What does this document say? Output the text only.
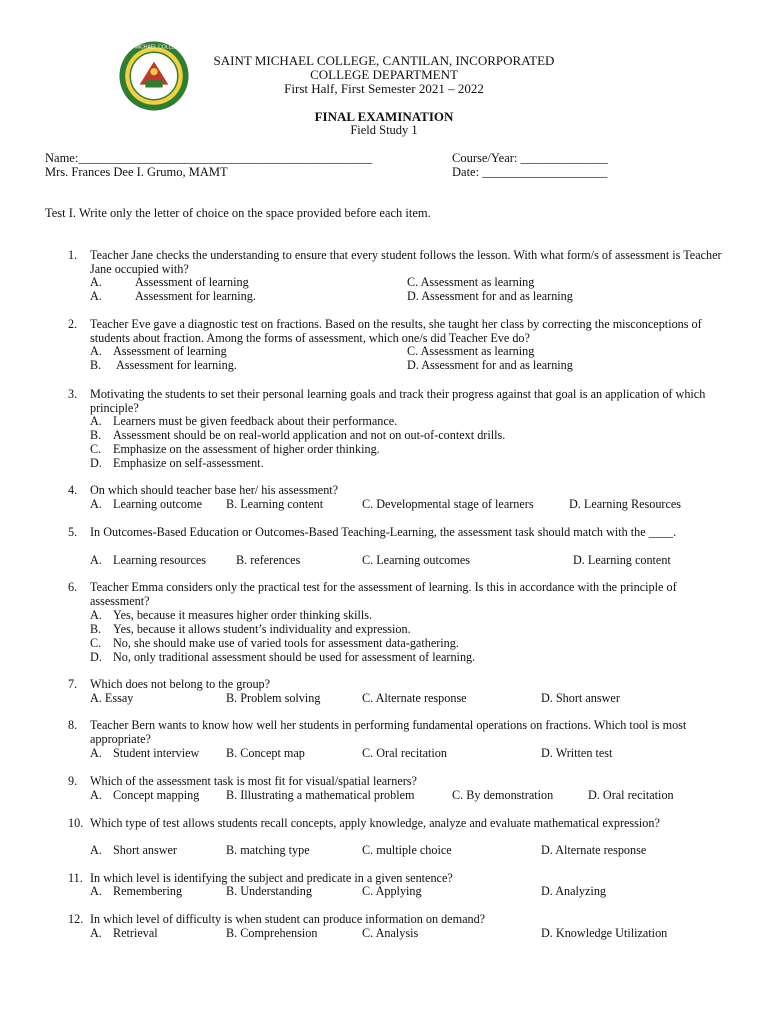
ST. MICHAEL COLLEGE
SAINT MICHAEL COLLEGE, CANTILAN, INCORPORATED
COLLEGE DEPARTMENT
First Half, First Semester 2021 – 2022
FINAL EXAMINATION
Field Study 1
Name:_______________________________________________
Mrs. Frances Dee I. Grumo, MAMT
Course/Year: ______________
Date: ____________________
Test I. Write only the letter of choice on the space provided before each item.
1. Teacher Jane checks the understanding to ensure that every student follows the lesson. With what form/s of assessment is Teacher Jane occupied with?
A.	Assessment of learning	C. Assessment as learning
A.	Assessment for learning.	D. Assessment for and as learning
2. Teacher Eve gave a diagnostic test on fractions. Based on the results, she taught her class by correcting the misconceptions of students about fraction. Among the forms of assessment, which one/s did Teacher Eve do?
A. Assessment of learning	C. Assessment as learning
B. Assessment for learning.	D. Assessment for and as learning
3. Motivating the students to set their personal learning goals and track their progress against that goal is an application of which principle?
A. Learners must be given feedback about their performance.
B. Assessment should be on real-world application and not on out-of-context drills.
C. Emphasize on the assessment of higher order thinking.
D. Emphasize on self-assessment.
4. On which should teacher base her/ his assessment?
A. Learning outcome B. Learning content	C. Developmental stage of learners	D. Learning Resources
5. In Outcomes-Based Education or Outcomes-Based Teaching-Learning, the assessment task should match with the ____.
A. Learning resources B. references	C. Learning outcomes	D. Learning content
6. Teacher Emma considers only the practical test for the assessment of learning. Is this in accordance with the principle of assessment?
A. Yes, because it measures higher order thinking skills.
B. Yes, because it allows student’s individuality and expression.
C. No, she should make use of varied tools for assessment data-gathering.
D. No, only traditional assessment should be used for assessment of learning.
7. Which does not belong to the group?
A. Essay	B. Problem solving	C. Alternate response	D. Short answer
8. Teacher Bern wants to know how well her students in performing fundamental operations on fractions. Which tool is most appropriate?
A. Student interview B. Concept map	C. Oral recitation	D. Written test
9. Which of the assessment task is most fit for visual/spatial learners?
A. Concept mapping B. Illustrating a mathematical problem	C. By demonstration	D. Oral recitation
10. Which type of test allows students recall concepts, apply knowledge, analyze and evaluate mathematical expression?
A. Short answer	B. matching type	C. multiple choice	D. Alternate response
11. In which level is identifying the subject and predicate in a given sentence?
A. Remembering	B. Understanding	C. Applying	D. Analyzing
12. In which level of difficulty is when student can produce information on demand?
A. Retrieval	B. Comprehension	C. Analysis	D. Knowledge Utilization
